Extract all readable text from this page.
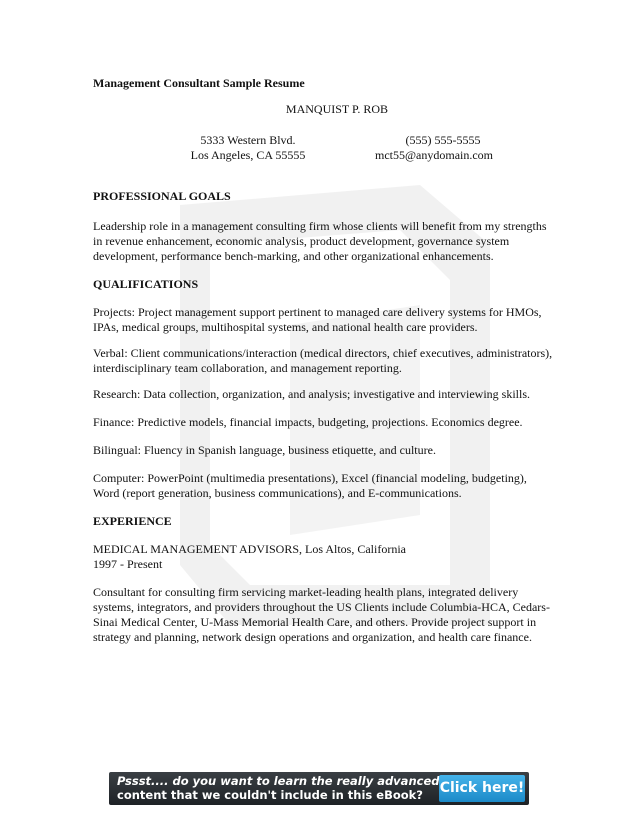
Management Consultant Sample Resume

MANQUIST P. ROB
5333 Western Blvd.
Los Angeles, CA 55555
(555) 555-5555
mct55@anydomain.com

PROFESSIONAL GOALS

Leadership role in a management consulting firm whose clients will benefit from my strengths in revenue enhancement, economic analysis, product development, governance system development, performance bench-marking, and other organizational enhancements.

QUALIFICATIONS

Projects: Project management support pertinent to managed care delivery systems for HMOs, IPAs, medical groups, multihospital systems, and national health care providers.

Verbal: Client communications/interaction (medical directors, chief executives, administrators), interdisciplinary team collaboration, and management reporting.

Research: Data collection, organization, and analysis; investigative and interviewing skills.

Finance: Predictive models, financial impacts, budgeting, projections. Economics degree.

Bilingual: Fluency in Spanish language, business etiquette, and culture.

Computer: PowerPoint (multimedia presentations), Excel (financial modeling, budgeting), Word (report generation, business communications), and E-communications.

EXPERIENCE

MEDICAL MANAGEMENT ADVISORS, Los Altos, California

1997 - Present

Consultant for consulting firm servicing market-leading health plans, integrated delivery systems, integrators, and providers throughout the US Clients include Columbia-HCA, Cedars-Sinai Medical Center, U-Mass Memorial Health Care, and others. Provide project support in strategy and planning, network design operations and organization, and health care finance.

Pssst.... do you want to learn the really advanced
content that we couldn't include in this eBook? Click here!
